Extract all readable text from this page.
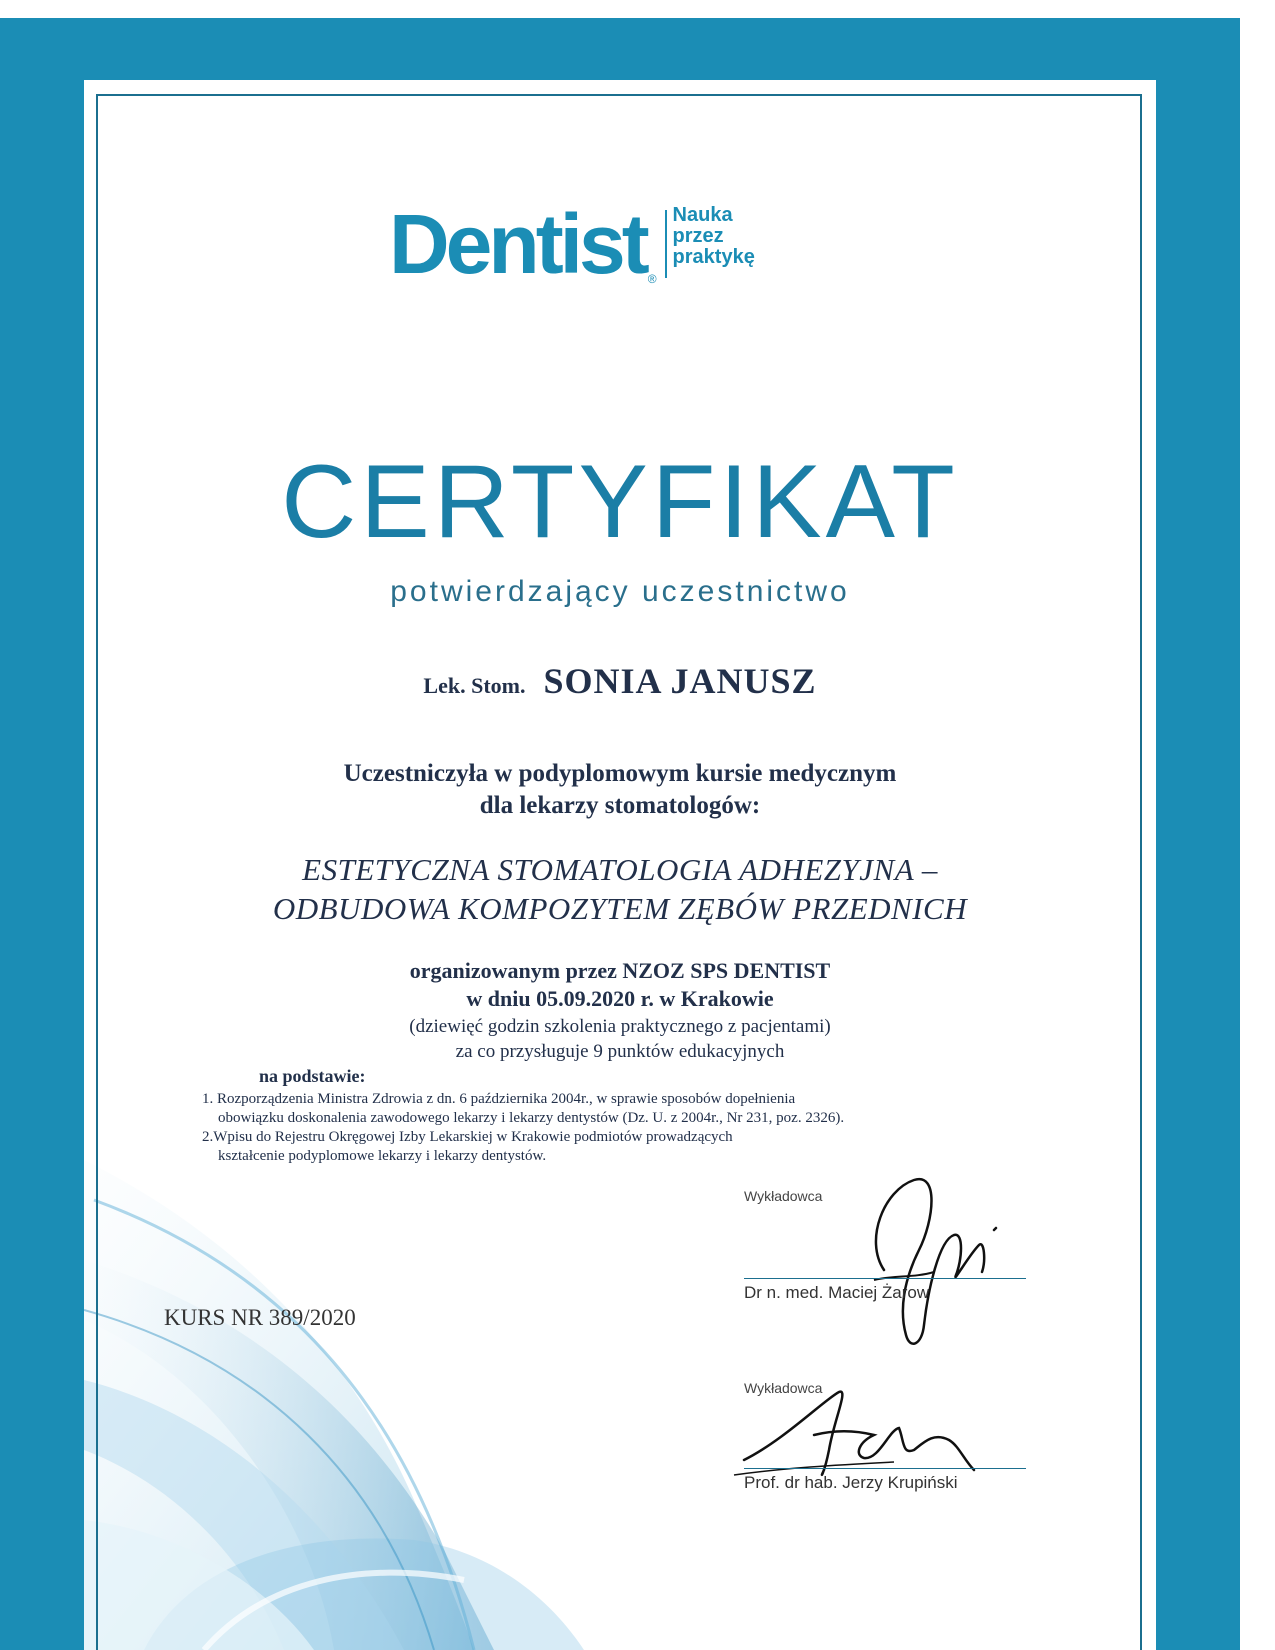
Dentist ®
Nauka
przez
praktykę
CERTYFIKAT
potwierdzający uczestnictwo
Lek. Stom. SONIA JANUSZ
Uczestniczyła w podyplomowym kursie medycznym
dla lekarzy stomatologów:
ESTETYCZNA STOMATOLOGIA ADHEZYJNA –
ODBUDOWA KOMPOZYTEM ZĘBÓW PRZEDNICH
organizowanym przez NZOZ SPS DENTIST
w dniu 05.09.2020 r. w Krakowie
(dziewięć godzin szkolenia praktycznego z pacjentami)
za co przysługuje 9 punktów edukacyjnych
na podstawie:

1. Rozporządzenia Ministra Zdrowia z dn. 6 października 2004r., w sprawie sposobów dopełnienia

obowiązku doskonalenia zawodowego lekarzy i lekarzy dentystów (Dz. U. z 2004r., Nr 231, poz. 2326).

2.Wpisu do Rejestru Okręgowej Izby Lekarskiej w Krakowie podmiotów prowadzących

kształcenie podyplomowe lekarzy i lekarzy dentystów.

Wykładowca
Dr n. med. Maciej Żarow
Wykładowca
Prof. dr hab. Jerzy Krupiński
KURS NR 389/2020
